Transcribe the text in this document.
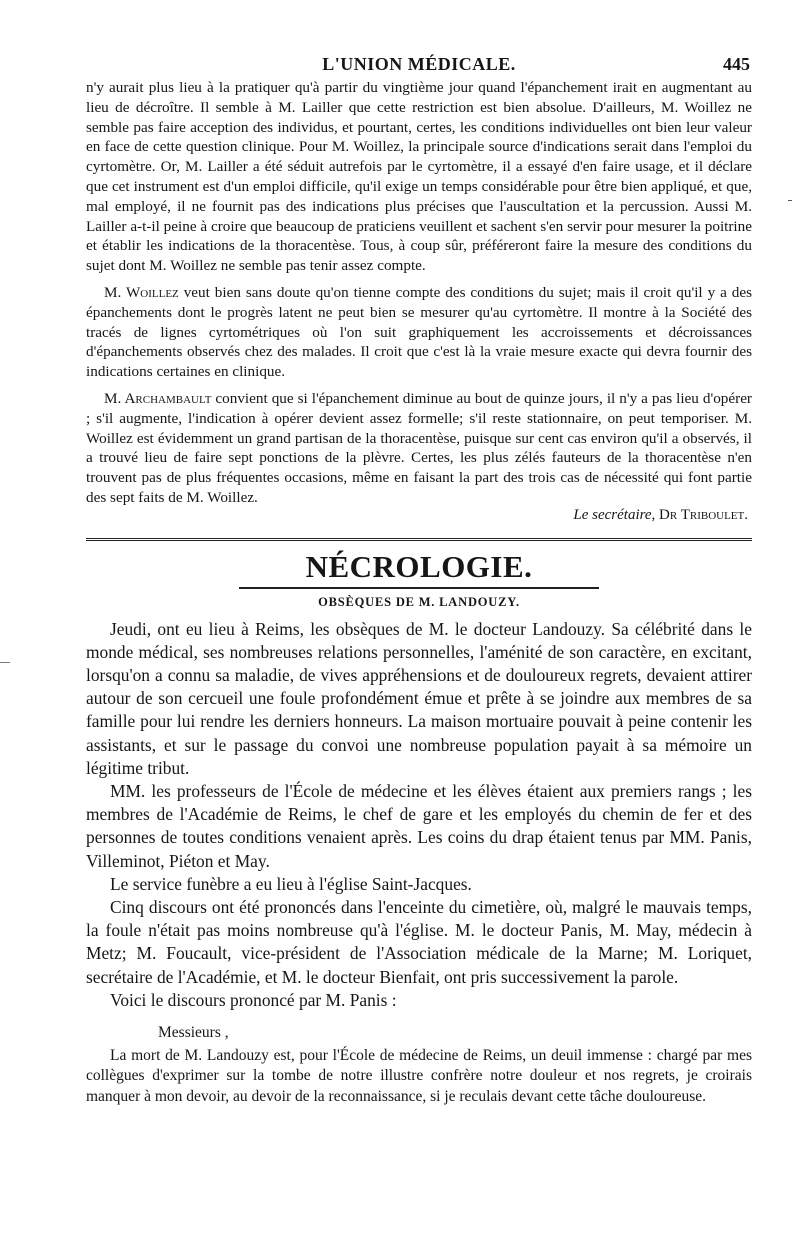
L'UNION MÉDICALE.	445

n'y aurait plus lieu à la pratiquer qu'à partir du vingtième jour quand l'épanchement irait en augmentant au lieu de décroître. Il semble à M. Lailler que cette restriction est bien absolue. D'ailleurs, M. Woillez ne semble pas faire acception des individus, et pourtant, certes, les conditions individuelles ont bien leur valeur en face de cette question clinique. Pour M. Woillez, la principale source d'indications serait dans l'emploi du cyrtomètre. Or, M. Lailler a été séduit autrefois par le cyrtomètre, il a essayé d'en faire usage, et il déclare que cet instrument est d'un emploi difficile, qu'il exige un temps considérable pour être bien appliqué, et que, mal employé, il ne fournit pas des indications plus précises que l'auscultation et la percussion. Aussi M. Lailler a-t-il peine à croire que beaucoup de praticiens veuillent et sachent s'en servir pour mesurer la poitrine et établir les indications de la thoracentèse. Tous, à coup sûr, préféreront faire la mesure des conditions du sujet dont M. Woillez ne semble pas tenir assez compte.

M. Woillez veut bien sans doute qu'on tienne compte des conditions du sujet; mais il croit qu'il y a des épanchements dont le progrès latent ne peut bien se mesurer qu'au cyrtomètre. Il montre à la Société des tracés de lignes cyrtométriques où l'on suit graphiquement les accroissements et décroissances d'épanchements observés chez des malades. Il croit que c'est là la vraie mesure exacte qui devra fournir des indications certaines en clinique.

M. Archambault convient que si l'épanchement diminue au bout de quinze jours, il n'y a pas lieu d'opérer ; s'il augmente, l'indication à opérer devient assez formelle; s'il reste stationnaire, on peut temporiser. M. Woillez est évidemment un grand partisan de la thoracentèse, puisque sur cent cas environ qu'il a observés, il a trouvé lieu de faire sept ponctions de la plèvre. Certes, les plus zélés fauteurs de la thoracentèse n'en trouvent pas de plus fréquentes occasions, même en faisant la part des trois cas de nécessité qui font partie des sept faits de M. Woillez.

Le secrétaire, Dr Triboulet.
NÉCROLOGIE.
OBSÈQUES DE M. LANDOUZY.

Jeudi, ont eu lieu à Reims, les obsèques de M. le docteur Landouzy. Sa célébrité dans le monde médical, ses nombreuses relations personnelles, l'aménité de son caractère, en excitant, lorsqu'on a connu sa maladie, de vives appréhensions et de douloureux regrets, devaient attirer autour de son cercueil une foule profondément émue et prête à se joindre aux membres de sa famille pour lui rendre les derniers honneurs. La maison mortuaire pouvait à peine contenir les assistants, et sur le passage du convoi une nombreuse population payait à sa mémoire un légitime tribut.

MM. les professeurs de l'École de médecine et les élèves étaient aux premiers rangs ; les membres de l'Académie de Reims, le chef de gare et les employés du chemin de fer et des personnes de toutes conditions venaient après. Les coins du drap étaient tenus par MM. Panis, Villeminot, Piéton et May.

Le service funèbre a eu lieu à l'église Saint-Jacques.

Cinq discours ont été prononcés dans l'enceinte du cimetière, où, malgré le mauvais temps, la foule n'était pas moins nombreuse qu'à l'église. M. le docteur Panis, M. May, médecin à Metz; M. Foucault, vice-président de l'Association médicale de la Marne; M. Loriquet, secrétaire de l'Académie, et M. le docteur Bienfait, ont pris successivement la parole.

Voici le discours prononcé par M. Panis :

Messieurs ,

La mort de M. Landouzy est, pour l'École de médecine de Reims, un deuil immense : chargé par mes collègues d'exprimer sur la tombe de notre illustre confrère notre douleur et nos regrets, je croirais manquer à mon devoir, au devoir de la reconnaissance, si je reculais devant cette tâche douloureuse.
